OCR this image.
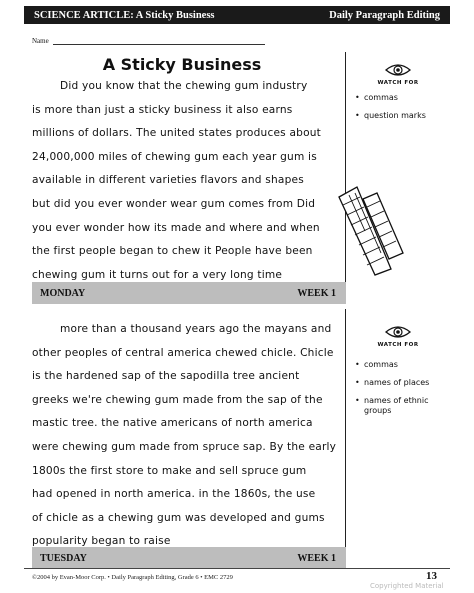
SCIENCE ARTICLE: A Sticky Business	Daily Paragraph Editing
Name
A Sticky Business
Did you know that the chewing gum industry
is more than just a sticky business it also earns
millions of dollars. The united states produces about
24,000,000 miles of chewing gum each year gum is
available in different varieties flavors and shapes
but did you ever wonder wear gum comes from Did
you ever wonder how its made and where and when
the first people began to chew it People have been
chewing gum it turns out for a very long time
WATCH FOR
• commas
• question marks
MONDAY	WEEK 1
more than a thousand years ago the mayans and
other peoples of central america chewed chicle. Chicle
is the hardened sap of the sapodilla tree ancient
greeks we're chewing gum made from the sap of the
mastic tree. the native americans of north america
were chewing gum made from spruce sap. By the early
1800s the first store to make and sell spruce gum
had opened in north america. in the 1860s, the use
of chicle as a chewing gum was developed and gums
popularity began to raise
WATCH FOR
• commas
• names of places
• names of ethnic groups
TUESDAY	WEEK 1
©2004 by Evan-Moor Corp. • Daily Paragraph Editing, Grade 6 • EMC 2729	13
Copyrighted Material
